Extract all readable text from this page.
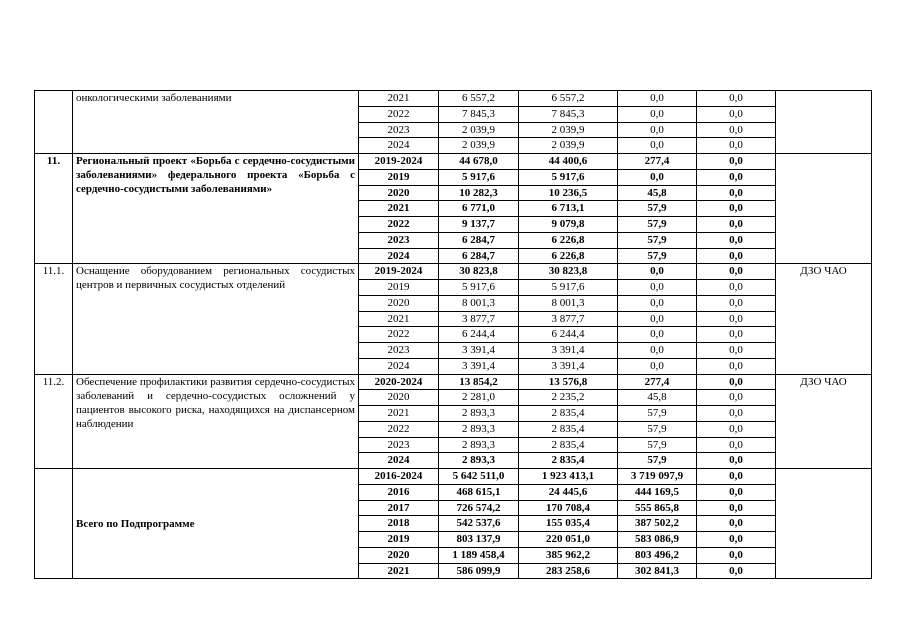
	онкологическими заболеваниями	2021	6 557,2	6 557,2	0,0	0,0	
		2022	7 845,3	7 845,3	0,0	0,0	
		2023	2 039,9	2 039,9	0,0	0,0	
		2024	2 039,9	2 039,9	0,0	0,0	
11.	Региональный проект «Борьба с сердечно-сосудистыми заболеваниями» федерального проекта «Борьба с сердечно-сосудистыми заболеваниями»	2019-2024	44 678,0	44 400,6	277,4	0,0	
		2019	5 917,6	5 917,6	0,0	0,0	
		2020	10 282,3	10 236,5	45,8	0,0	
		2021	6 771,0	6 713,1	57,9	0,0	
		2022	9 137,7	9 079,8	57,9	0,0	
		2023	6 284,7	6 226,8	57,9	0,0	
		2024	6 284,7	6 226,8	57,9	0,0	
11.1.	Оснащение оборудованием региональных сосудистых центров и первичных сосудистых отделений	2019-2024	30 823,8	30 823,8	0,0	0,0	ДЗО ЧАО
		2019	5 917,6	5 917,6	0,0	0,0	
		2020	8 001,3	8 001,3	0,0	0,0	
		2021	3 877,7	3 877,7	0,0	0,0	
		2022	6 244,4	6 244,4	0,0	0,0	
		2023	3 391,4	3 391,4	0,0	0,0	
		2024	3 391,4	3 391,4	0,0	0,0	
11.2.	Обеспечение профилактики развития сердечно-сосудистых заболеваний и сердечно-сосудистых осложнений у пациентов высокого риска, находящихся на диспансерном наблюдении	2020-2024	13 854,2	13 576,8	277,4	0,0	ДЗО ЧАО
		2020	2 281,0	2 235,2	45,8	0,0	
		2021	2 893,3	2 835,4	57,9	0,0	
		2022	2 893,3	2 835,4	57,9	0,0	
		2023	2 893,3	2 835,4	57,9	0,0	
		2024	2 893,3	2 835,4	57,9	0,0	
	Всего по Подпрограмме	2016-2024	5 642 511,0	1 923 413,1	3 719 097,9	0,0	
		2016	468 615,1	24 445,6	444 169,5	0,0	
		2017	726 574,2	170 708,4	555 865,8	0,0	
		2018	542 537,6	155 035,4	387 502,2	0,0	
		2019	803 137,9	220 051,0	583 086,9	0,0	
		2020	1 189 458,4	385 962,2	803 496,2	0,0	
		2021	586 099,9	283 258,6	302 841,3	0,0	
